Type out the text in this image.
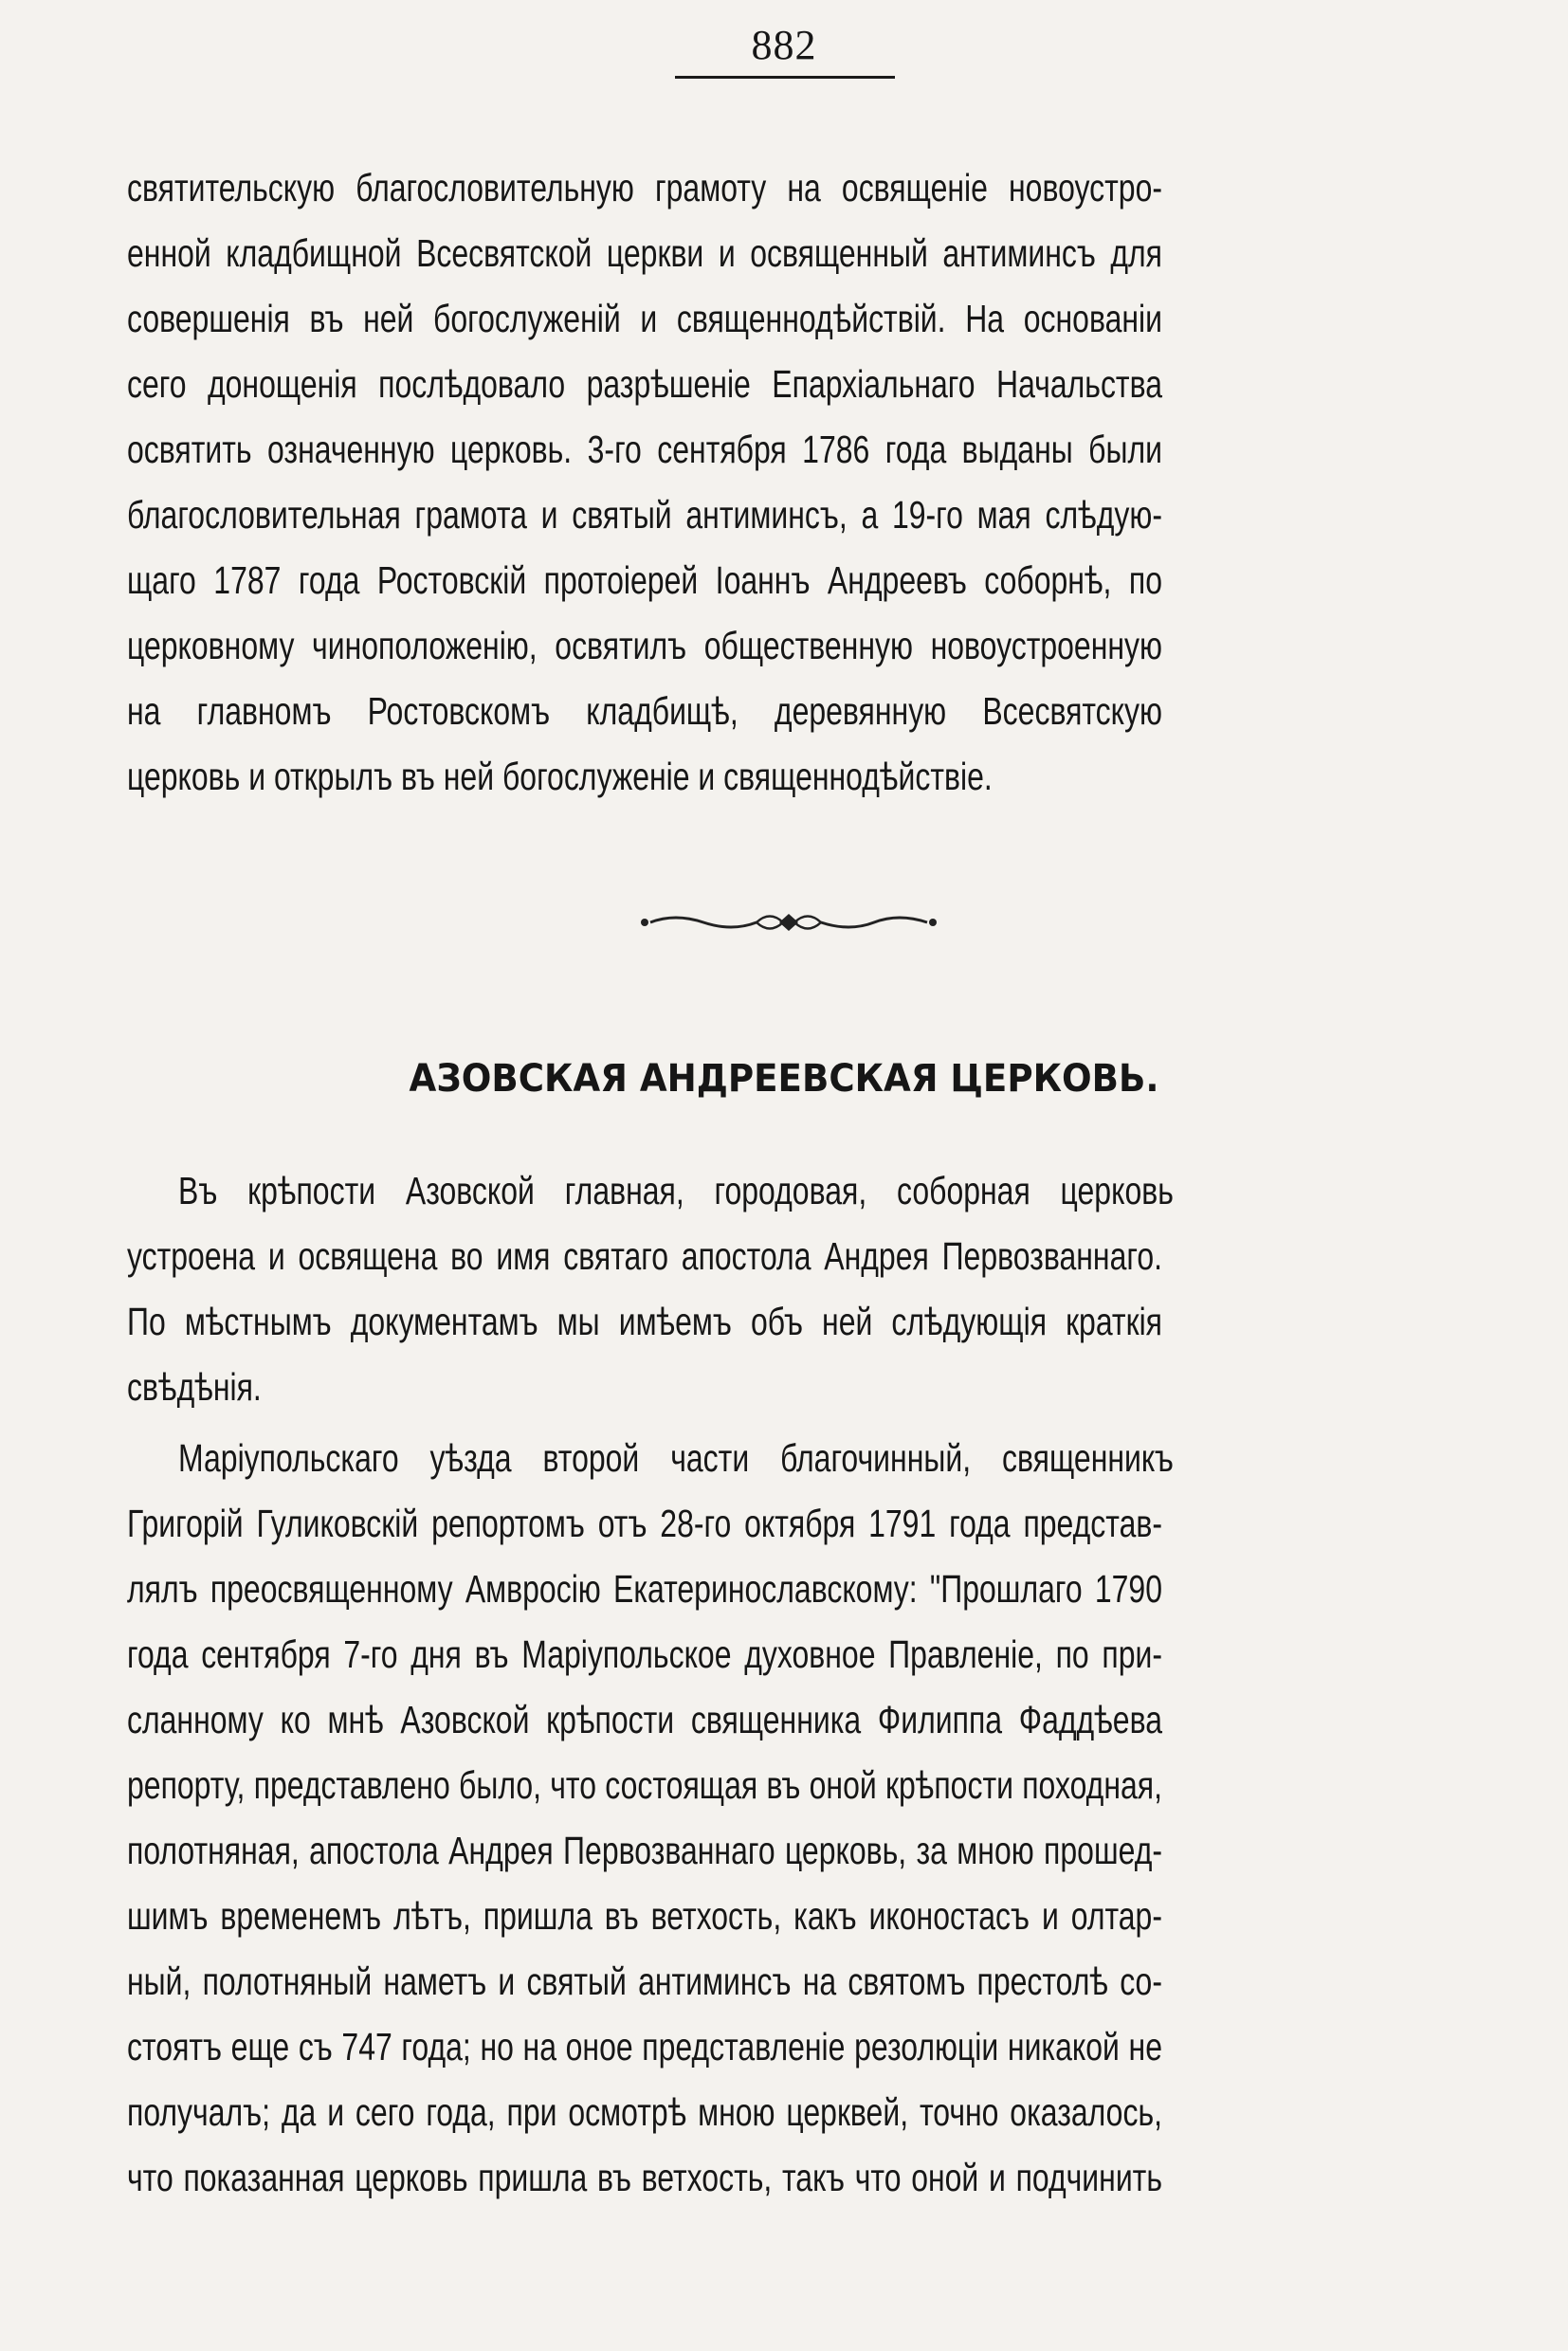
882
святительскую благословительную грамоту на освященіе новоустро-
енной кладбищной Всесвятской церкви и освященный антиминсъ для
совершенія въ ней богослуженій и священнодѣйствій. На основаніи
сего донощенія послѣдовало разрѣшеніе Епархіальнаго Начальства
освятить означенную церковь. 3-го сентября 1786 года выданы были
благословительная грамота и святый антиминсъ, а 19-го мая слѣдую-
щаго 1787 года Ростовскій протоіерей Іоаннъ Андреевъ соборнѣ, по
церковному чиноположенію, освятилъ общественную новоустроенную
на главномъ Ростовскомъ кладбищѣ, деревянную Всесвятскую
церковь и открылъ въ ней богослуженіе и священнодѣйствіе.
АЗОВСКАЯ АНДРЕЕВСКАЯ ЦЕРКОВЬ.
Въ крѣпости Азовской главная, городовая, соборная церковь
устроена и освящена во имя святаго апостола Андрея Первозваннаго.
По мѣстнымъ документамъ мы имѣемъ объ ней слѣдующія краткія
свѣдѣнія.
Маріупольскаго уѣзда второй части благочинный, священникъ
Григорій Гуликовскій репортомъ отъ 28-го октября 1791 года представ-
лялъ преосвященному Амвросію Екатеринославскому: "Прошлаго 1790
года сентября 7-го дня въ Маріупольское духовное Правленіе, по при-
сланному ко мнѣ Азовской крѣпости священника Филиппа Фаддѣева
репорту, представлено было, что состоящая въ оной крѣпости походная,
полотняная, апостола Андрея Первозваннаго церковь, за мною прошед-
шимъ временемъ лѣтъ, пришла въ ветхость, какъ иконостасъ и олтар-
ный, полотняный наметъ и святый антиминсъ на святомъ престолѣ со-
стоятъ еще съ 747 года; но на оное представленіе резолюціи никакой не
получалъ; да и сего года, при осмотрѣ мною церквей, точно оказалось,
что показанная церковь пришла въ ветхость, такъ что оной и подчинить
